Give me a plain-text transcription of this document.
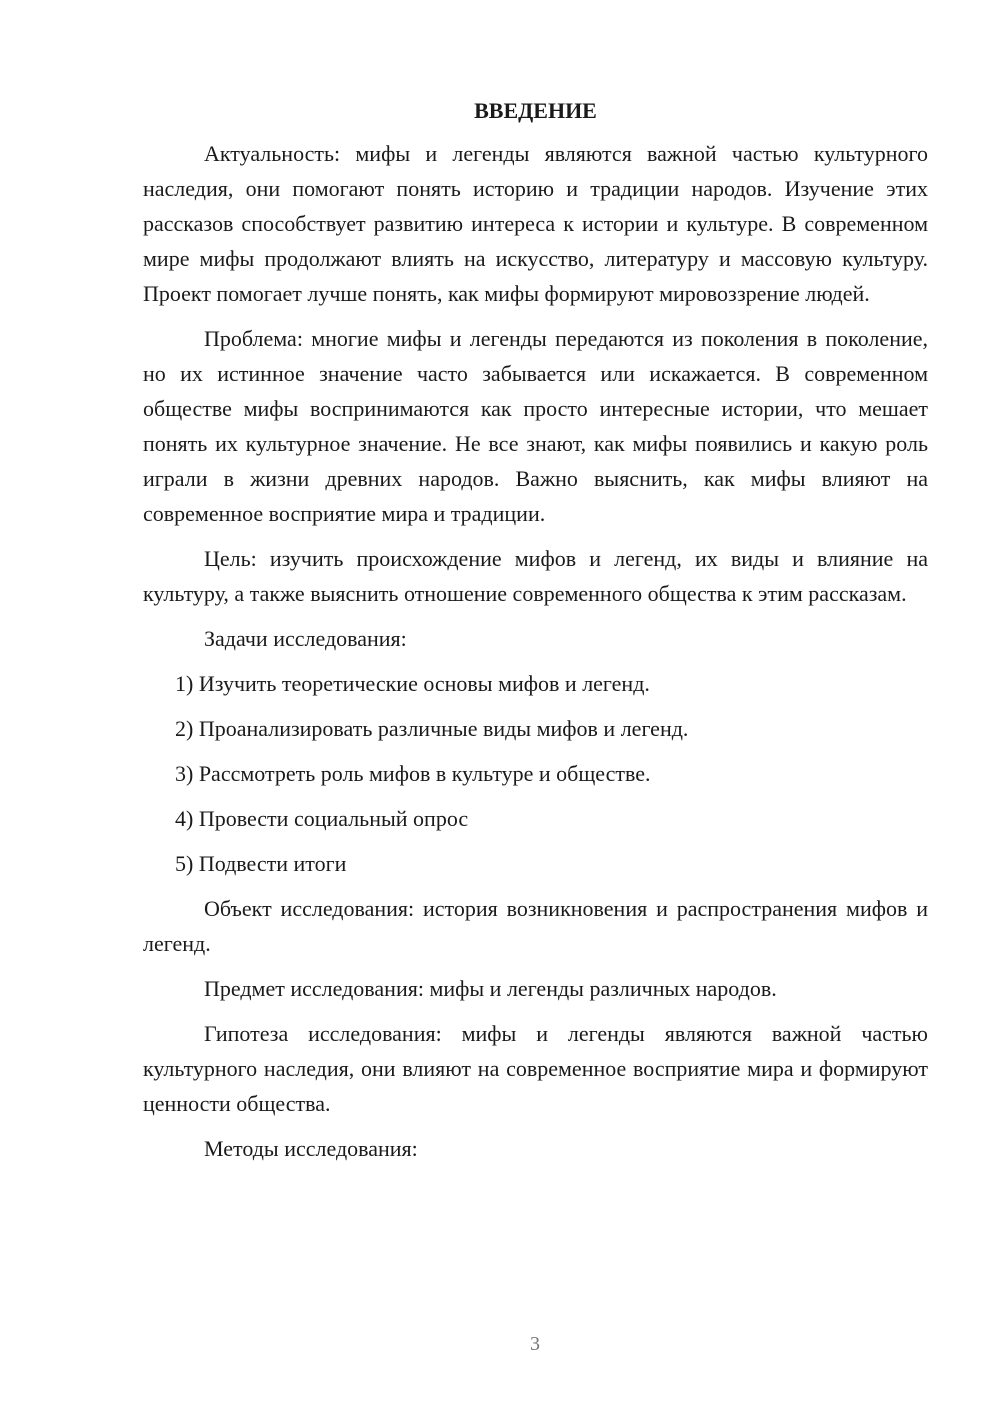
ВВЕДЕНИЕ

Актуальность: мифы и легенды являются важной частью культурного наследия, они помогают понять историю и традиции народов. Изучение этих рассказов способствует развитию интереса к истории и культуре. В современном мире мифы продолжают влиять на искусство, литературу и массовую культуру. Проект помогает лучше понять, как мифы формируют мировоззрение людей.

Проблема: многие мифы и легенды передаются из поколения в поколение, но их истинное значение часто забывается или искажается. В современном обществе мифы воспринимаются как просто интересные истории, что мешает понять их культурное значение. Не все знают, как мифы появились и какую роль играли в жизни древних народов. Важно выяснить, как мифы влияют на современное восприятие мира и традиции.

Цель: изучить происхождение мифов и легенд, их виды и влияние на культуру, а также выяснить отношение современного общества к этим рассказам.

Задачи исследования:

1) Изучить теоретические основы мифов и легенд.

2) Проанализировать различные виды мифов и легенд.

3) Рассмотреть роль мифов в культуре и обществе.

4) Провести социальный опрос

5) Подвести итоги

Объект исследования: история возникновения и распространения мифов и легенд.

Предмет исследования: мифы и легенды различных народов.

Гипотеза исследования: мифы и легенды являются важной частью культурного наследия, они влияют на современное восприятие мира и формируют ценности общества.

Методы исследования:

3
